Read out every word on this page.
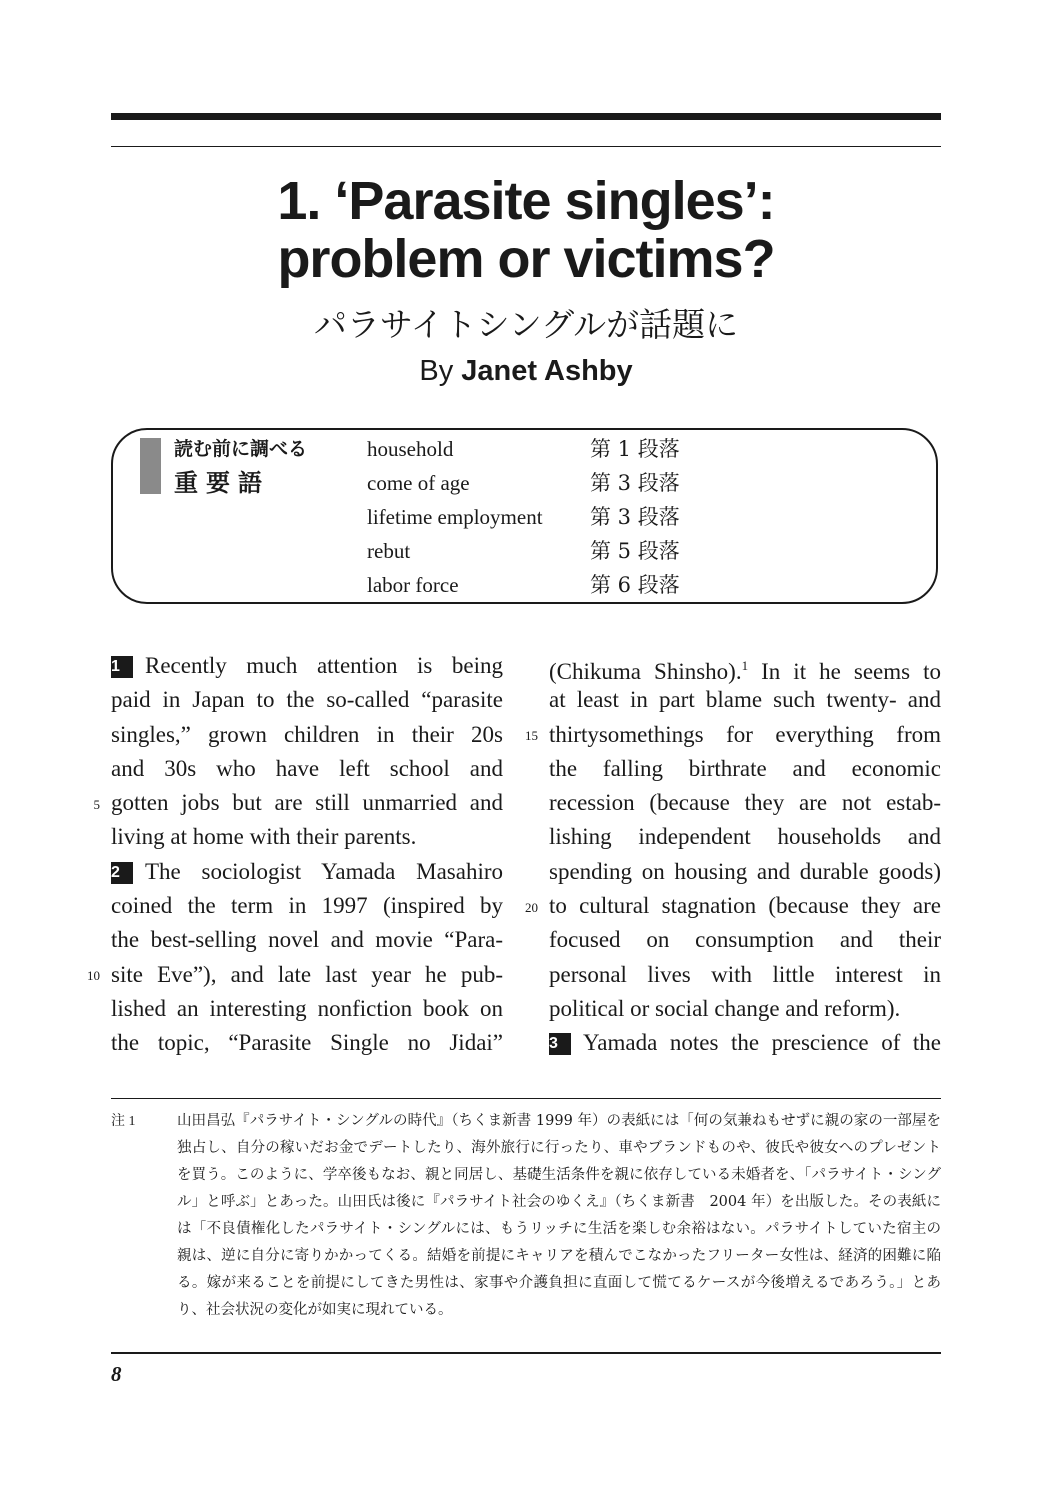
1. ‘Parasite singles’:
problem or victims?
パラサイトシングルが話題に
By Janet Ashby
読む前に調べる
重要語
household	第 1 段落
come of age	第 3 段落
lifetime employment 第 3 段落
rebut	第 5 段落
labor force	第 6 段落
1 Recently much attention is being
paid in Japan to the so-called “parasite
singles,” grown children in their 20s
and 30s who have left school and
gotten jobs but are still unmarried and
living at home with their parents.
2 The sociologist Yamada Masahiro
coined the term in 1997 (inspired by
the best-selling novel and movie “Para-
site Eve”), and late last year he pub-
lished an interesting nonfiction book on
the topic, “Parasite Single no Jidai”
(Chikuma Shinsho).$^1$ In it he seems to
at least in part blame such twenty- and
thirtysomethings for everything from
the falling birthrate and economic
recession (because they are not estab-
lishing independent households and
spending on housing and durable goods)
to cultural stagnation (because they are
focused on consumption and their
personal lives with little interest in
political or social change and reform).
3 Yamada notes the prescience of the
5
10
15
20
注 1	山田昌弘『パラサイト・シングルの時代』（ちくま新書 1999 年）の表紙には「何の気兼ねもせずに親の家の一部屋を独占し、自分の稼いだお金でデートしたり、海外旅行に行ったり、車やブランドものや、彼氏や彼女へのプレゼントを買う。このように、学卒後もなお、親と同居し、基礎生活条件を親に依存している未婚者を、「パラサイト・シングル」と呼ぶ」とあった。山田氏は後に『パラサイト社会のゆくえ』（ちくま新書　2004 年）を出版した。その表紙には「不良債権化したパラサイト・シングルには、もうリッチに生活を楽しむ余裕はない。パラサイトしていた宿主の親は、逆に自分に寄りかかってくる。結婚を前提にキャリアを積んでこなかったフリーター女性は、経済的困難に陥る。嫁が来ることを前提にしてきた男性は、家事や介護負担に直面して慌てるケースが今後増えるであろう。」とあり、社会状況の変化が如実に現れている。
8
